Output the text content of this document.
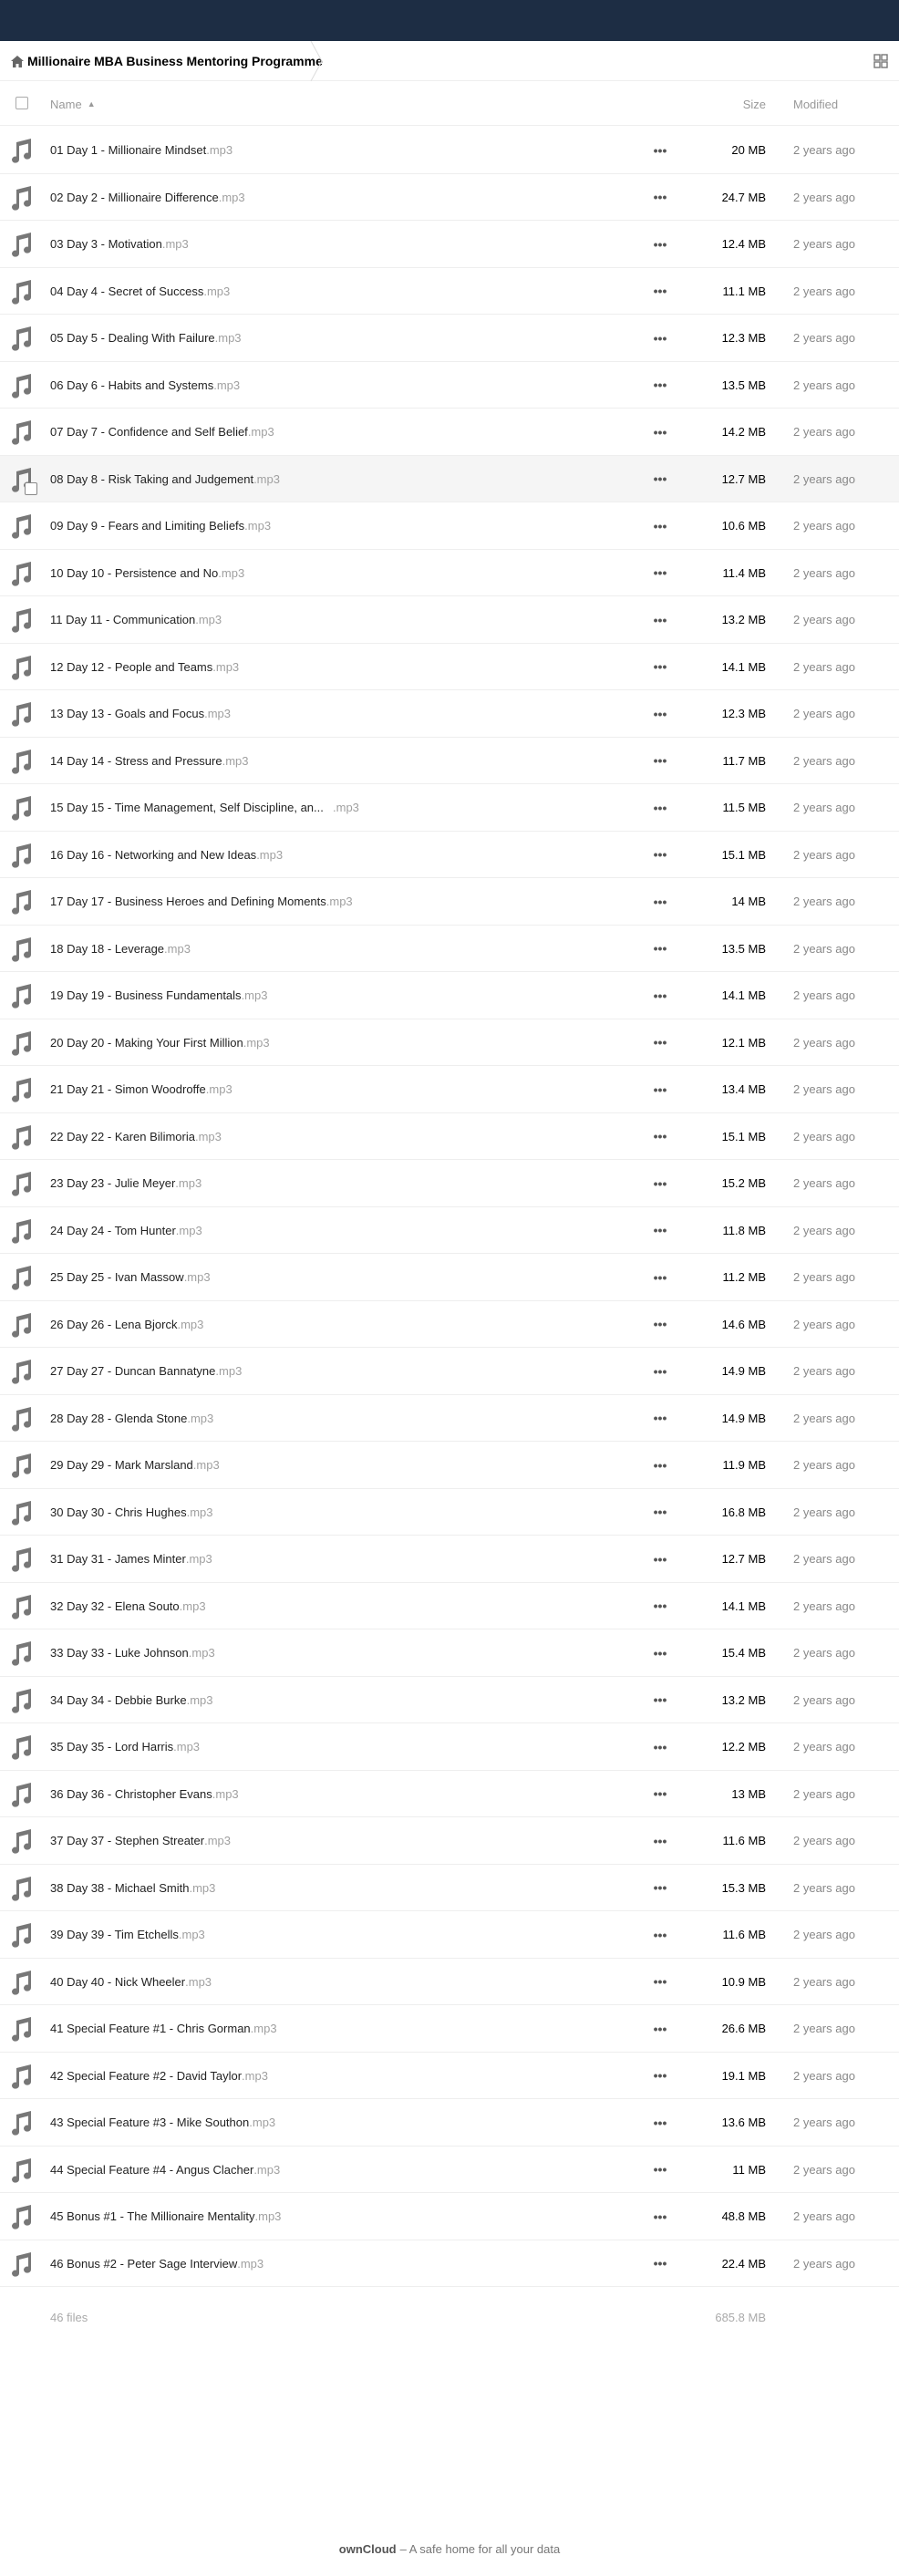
Millionaire MBA Business Mentoring Programme
Name ▲	Size Modified
01 Day 1 - Millionaire Mindset .mp3	•••	20 MB 2 years ago
02 Day 2 - Millionaire Difference .mp3	•••	24.7 MB 2 years ago
03 Day 3 - Motivation .mp3	•••	12.4 MB 2 years ago
04 Day 4 - Secret of Success .mp3	•••	11.1 MB 2 years ago
05 Day 5 - Dealing With Failure .mp3	•••	12.3 MB 2 years ago
06 Day 6 - Habits and Systems .mp3	•••	13.5 MB 2 years ago
07 Day 7 - Confidence and Self Belief .mp3	•••	14.2 MB 2 years ago
08 Day 8 - Risk Taking and Judgement .mp3	•••	12.7 MB 2 years ago
09 Day 9 - Fears and Limiting Beliefs .mp3	•••	10.6 MB 2 years ago
10 Day 10 - Persistence and No .mp3	•••	11.4 MB 2 years ago
11 Day 11 - Communication .mp3	•••	13.2 MB 2 years ago
12 Day 12 - People and Teams .mp3	•••	14.1 MB 2 years ago
13 Day 13 - Goals and Focus .mp3	•••	12.3 MB 2 years ago
14 Day 14 - Stress and Pressure .mp3	•••	11.7 MB 2 years ago
15 Day 15 - Time Management, Self Discipline, an ... .mp3	•••	11.5 MB 2 years ago
16 Day 16 - Networking and New Ideas .mp3	•••	15.1 MB 2 years ago
17 Day 17 - Business Heroes and Defining Moments .mp3	•••	14 MB 2 years ago
18 Day 18 - Leverage .mp3	•••	13.5 MB 2 years ago
19 Day 19 - Business Fundamentals .mp3	•••	14.1 MB 2 years ago
20 Day 20 - Making Your First Million .mp3	•••	12.1 MB 2 years ago
21 Day 21 - Simon Woodroffe .mp3	•••	13.4 MB 2 years ago
22 Day 22 - Karen Bilimoria .mp3	•••	15.1 MB 2 years ago
23 Day 23 - Julie Meyer .mp3	•••	15.2 MB 2 years ago
24 Day 24 - Tom Hunter .mp3	•••	11.8 MB 2 years ago
25 Day 25 - Ivan Massow .mp3	•••	11.2 MB 2 years ago
26 Day 26 - Lena Bjorck .mp3	•••	14.6 MB 2 years ago
27 Day 27 - Duncan Bannatyne .mp3	•••	14.9 MB 2 years ago
28 Day 28 - Glenda Stone .mp3	•••	14.9 MB 2 years ago
29 Day 29 - Mark Marsland .mp3	•••	11.9 MB 2 years ago
30 Day 30 - Chris Hughes .mp3	•••	16.8 MB 2 years ago
31 Day 31 - James Minter .mp3	•••	12.7 MB 2 years ago
32 Day 32 - Elena Souto .mp3	•••	14.1 MB 2 years ago
33 Day 33 - Luke Johnson .mp3	•••	15.4 MB 2 years ago
34 Day 34 - Debbie Burke .mp3	•••	13.2 MB 2 years ago
35 Day 35 - Lord Harris .mp3	•••	12.2 MB 2 years ago
36 Day 36 - Christopher Evans .mp3	•••	13 MB 2 years ago
37 Day 37 - Stephen Streater .mp3	•••	11.6 MB 2 years ago
38 Day 38 - Michael Smith .mp3	•••	15.3 MB 2 years ago
39 Day 39 - Tim Etchells .mp3	•••	11.6 MB 2 years ago
40 Day 40 - Nick Wheeler .mp3	•••	10.9 MB 2 years ago
41 Special Feature #1 - Chris Gorman .mp3	•••	26.6 MB 2 years ago
42 Special Feature #2 - David Taylor .mp3	•••	19.1 MB 2 years ago
43 Special Feature #3 - Mike Southon .mp3	•••	13.6 MB 2 years ago
44 Special Feature #4 - Angus Clacher .mp3	•••	11 MB 2 years ago
45 Bonus #1 - The Millionaire Mentality .mp3	•••	48.8 MB 2 years ago
46 Bonus #2 - Peter Sage Interview .mp3	•••	22.4 MB 2 years ago
46 files	685.8 MB
ownCloud – A safe home for all your data
